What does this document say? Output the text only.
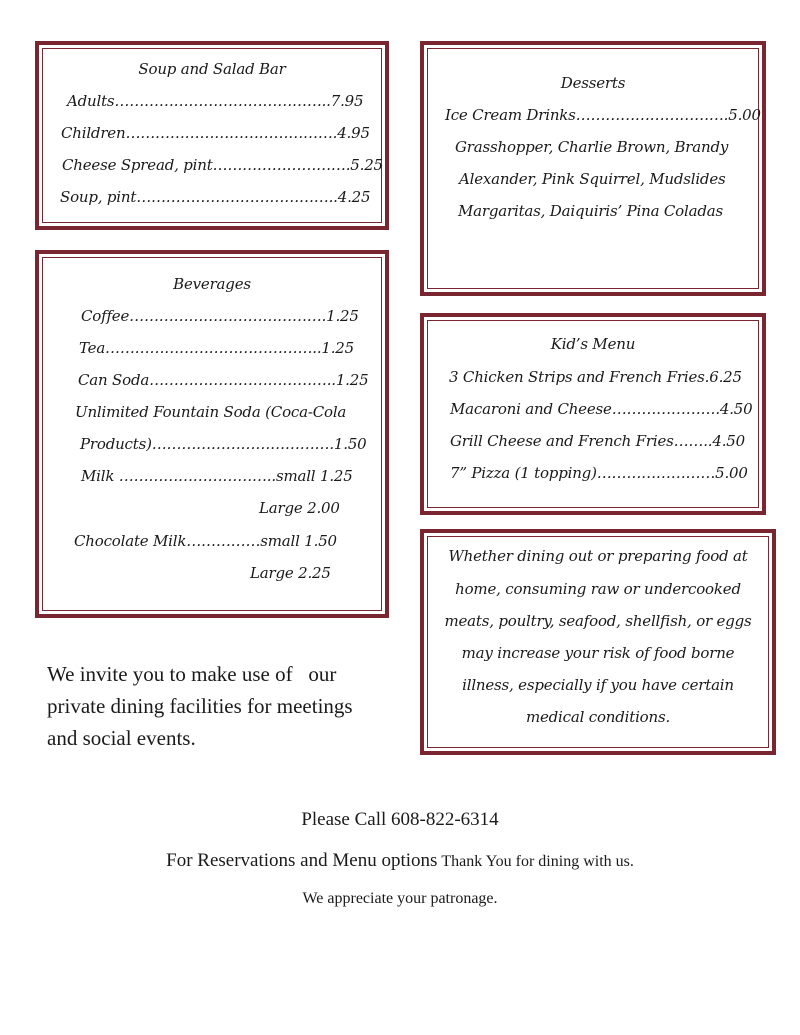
Soup and Salad Bar
Adults……………………………………..7.95
Children…………………………………….4.95
Cheese Spread, pint……………………….5.25
Soup, pint…………………………………..4.25
Desserts
Ice Cream Drinks………………………….5.00
Grasshopper, Charlie Brown, Brandy
Alexander, Pink Squirrel, Mudslides
Margaritas, Daiquiris’ Pina Coladas
Beverages
Coffee………………………………….1.25
Tea……………………………………..1.25
Can Soda………………………………..1.25
Unlimited Fountain Soda (Coca-Cola
Products)……………………………….1.50
Milk …………………………..small 1.25
Large 2.00
Chocolate Milk……………small 1.50
Large 2.25
Kid’s Menu
3 Chicken Strips and French Fries.6.25
Macaroni and Cheese………………….4.50
Grill Cheese and French Fries……..4.50
7” Pizza (1 topping)……………………5.00
Whether dining out or preparing food at
home, consuming raw or undercooked
meats, poultry, seafood, shellfish, or eggs
may increase your risk of food borne
illness, especially if you have certain
medical conditions.
We invite you to make use of   our
private dining facilities for meetings
and social events.
Please Call 608-822-6314
For Reservations and Menu options Thank You for dining with us.
We appreciate your patronage.
